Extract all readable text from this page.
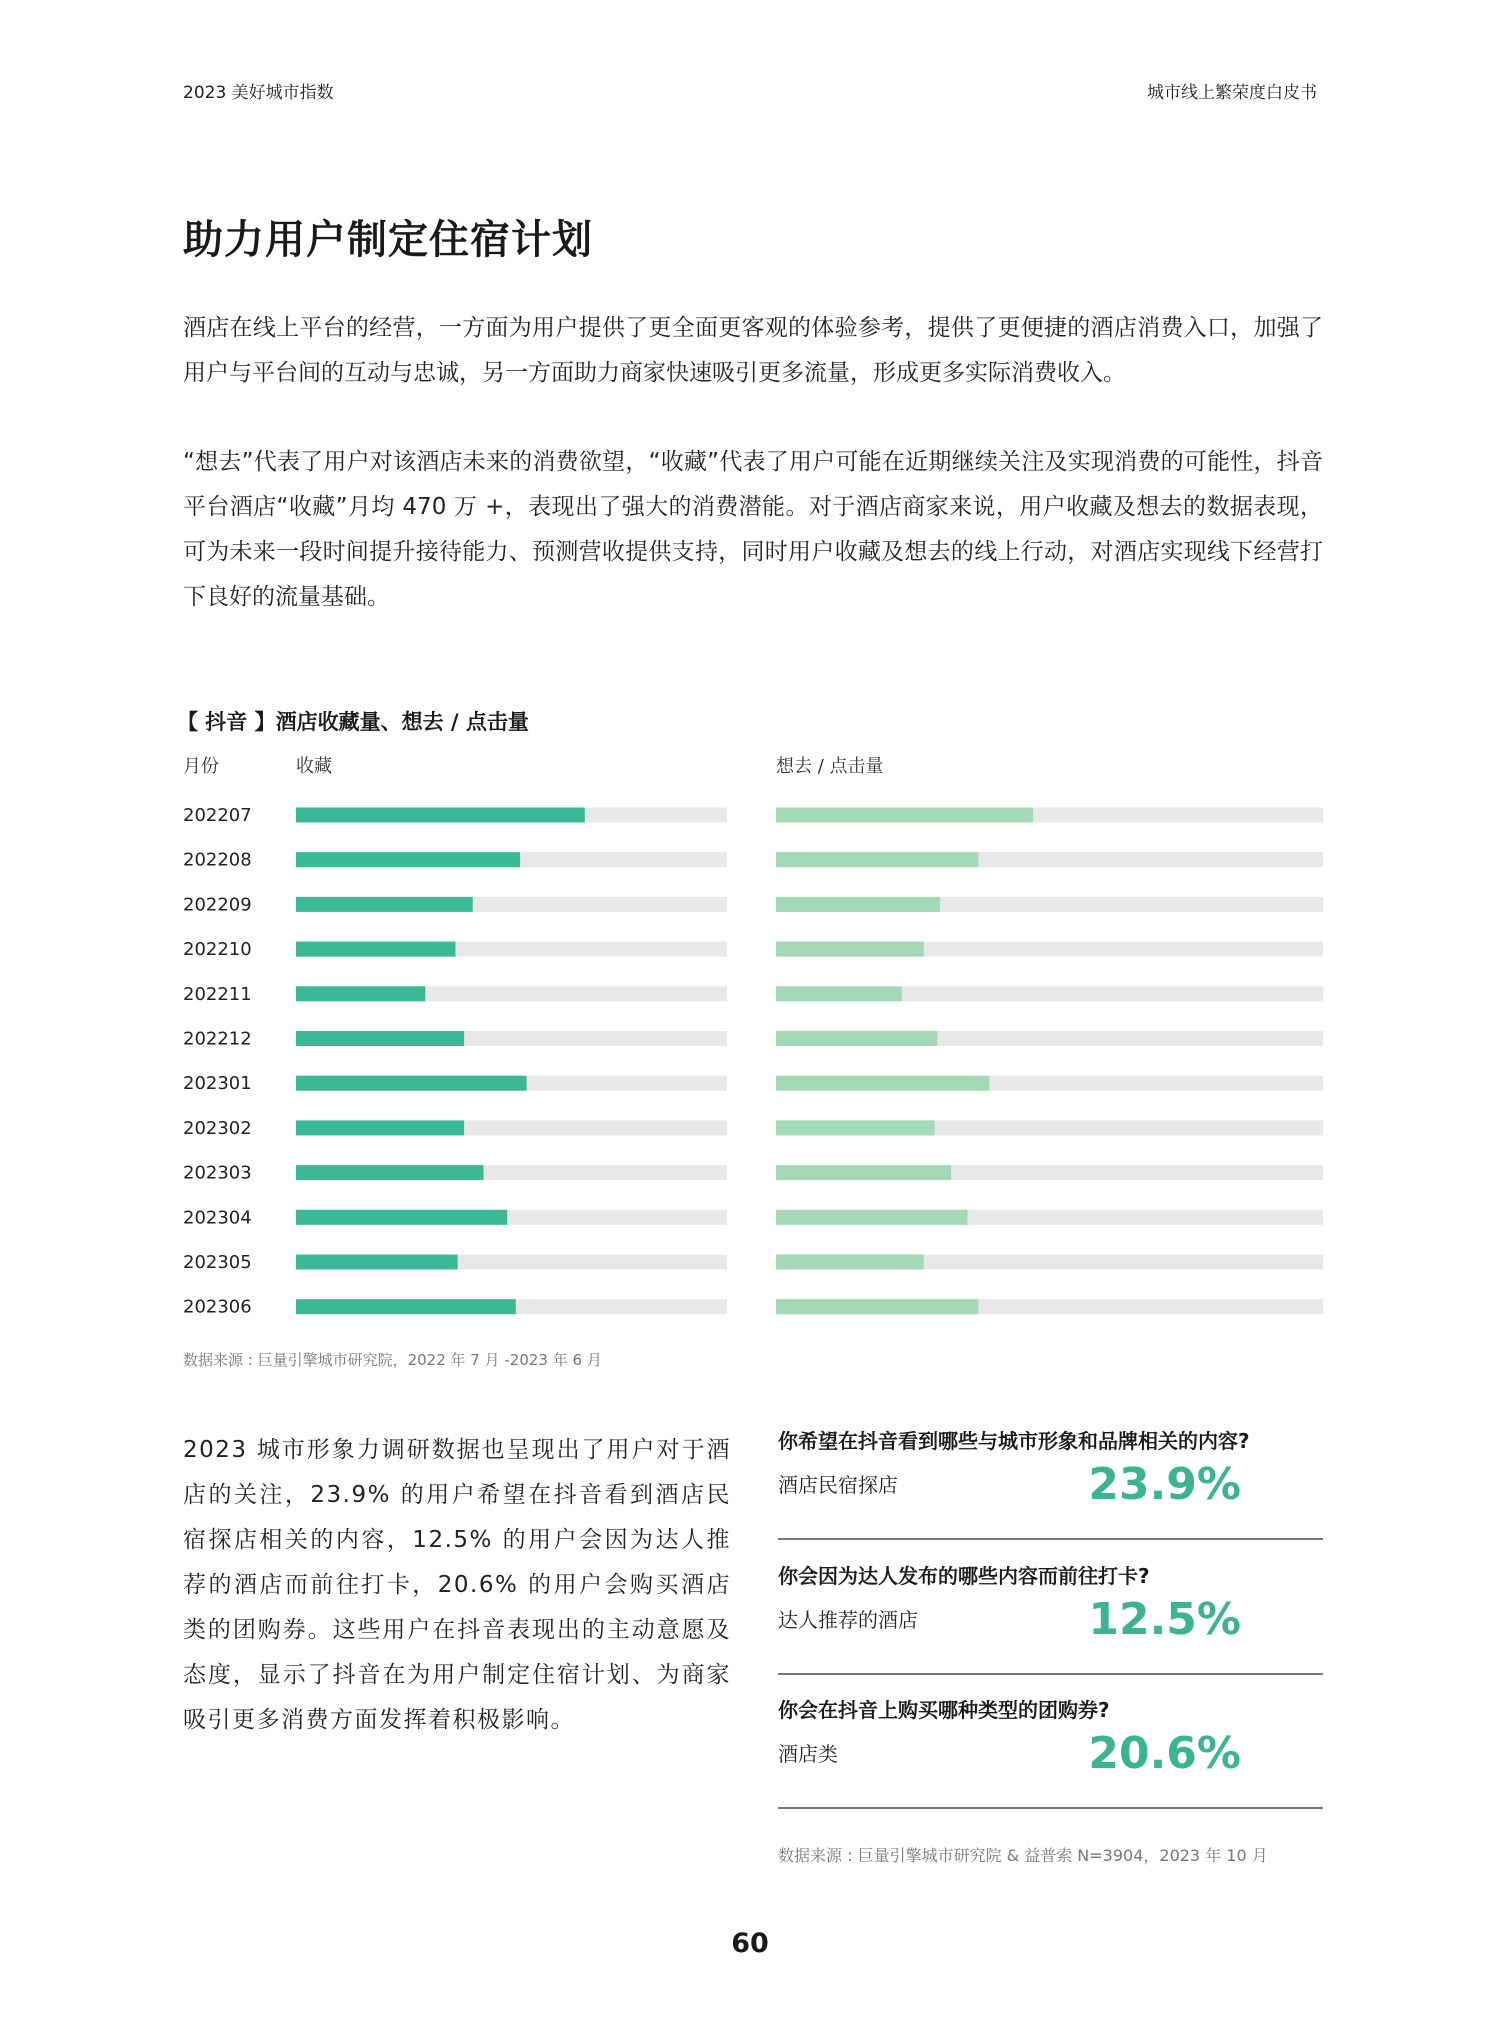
2023 美好城市指数	城市线上繁荣度白皮书
助力用户制定住宿计划

酒店在线上平台的经营，一方面为用户提供了更全面更客观的体验参考，提供了更便捷的酒店消费入口，加强了用户与平台间的互动与忠诚，另一方面助力商家快速吸引更多流量，形成更多实际消费收入。

“想去”代表了用户对该酒店未来的消费欲望，“收藏”代表了用户可能在近期继续关注及实现消费的可能性，抖音平台酒店“收藏”月均 470 万 +，表现出了强大的消费潜能。对于酒店商家来说，用户收藏及想去的数据表现，可为未来一段时间提升接待能力、预测营收提供支持，同时用户收藏及想去的线上行动，对酒店实现线下经营打下良好的流量基础。

【 抖音 】酒店收藏量、想去 / 点击量
月份	收藏	想去 / 点击量
202207
202208
202209
202210
202211
202212
202301
202302
202303
202304
202305
202306
数据来源 : 巨量引擎城市研究院，2022 年 7 月 -2023 年 6 月

2023 城市形象力调研数据也呈现出了用户对于酒店的关注，23.9% 的用户希望在抖音看到酒店民宿探店相关的内容，12.5% 的用户会因为达人推荐的酒店而前往打卡，20.6% 的用户会购买酒店类的团购券。这些用户在抖音表现出的主动意愿及态度，显示了抖音在为用户制定住宿计划、为商家吸引更多消费方面发挥着积极影响。

你希望在抖音看到哪些与城市形象和品牌相关的内容?
酒店民宿探店	23.9%
你会因为达人发布的哪些内容而前往打卡?
达人推荐的酒店	12.5%
你会在抖音上购买哪种类型的团购券?
酒店类	20.6%
数据来源 : 巨量引擎城市研究院 & 益普索 N=3904，2023 年 10 月
60
